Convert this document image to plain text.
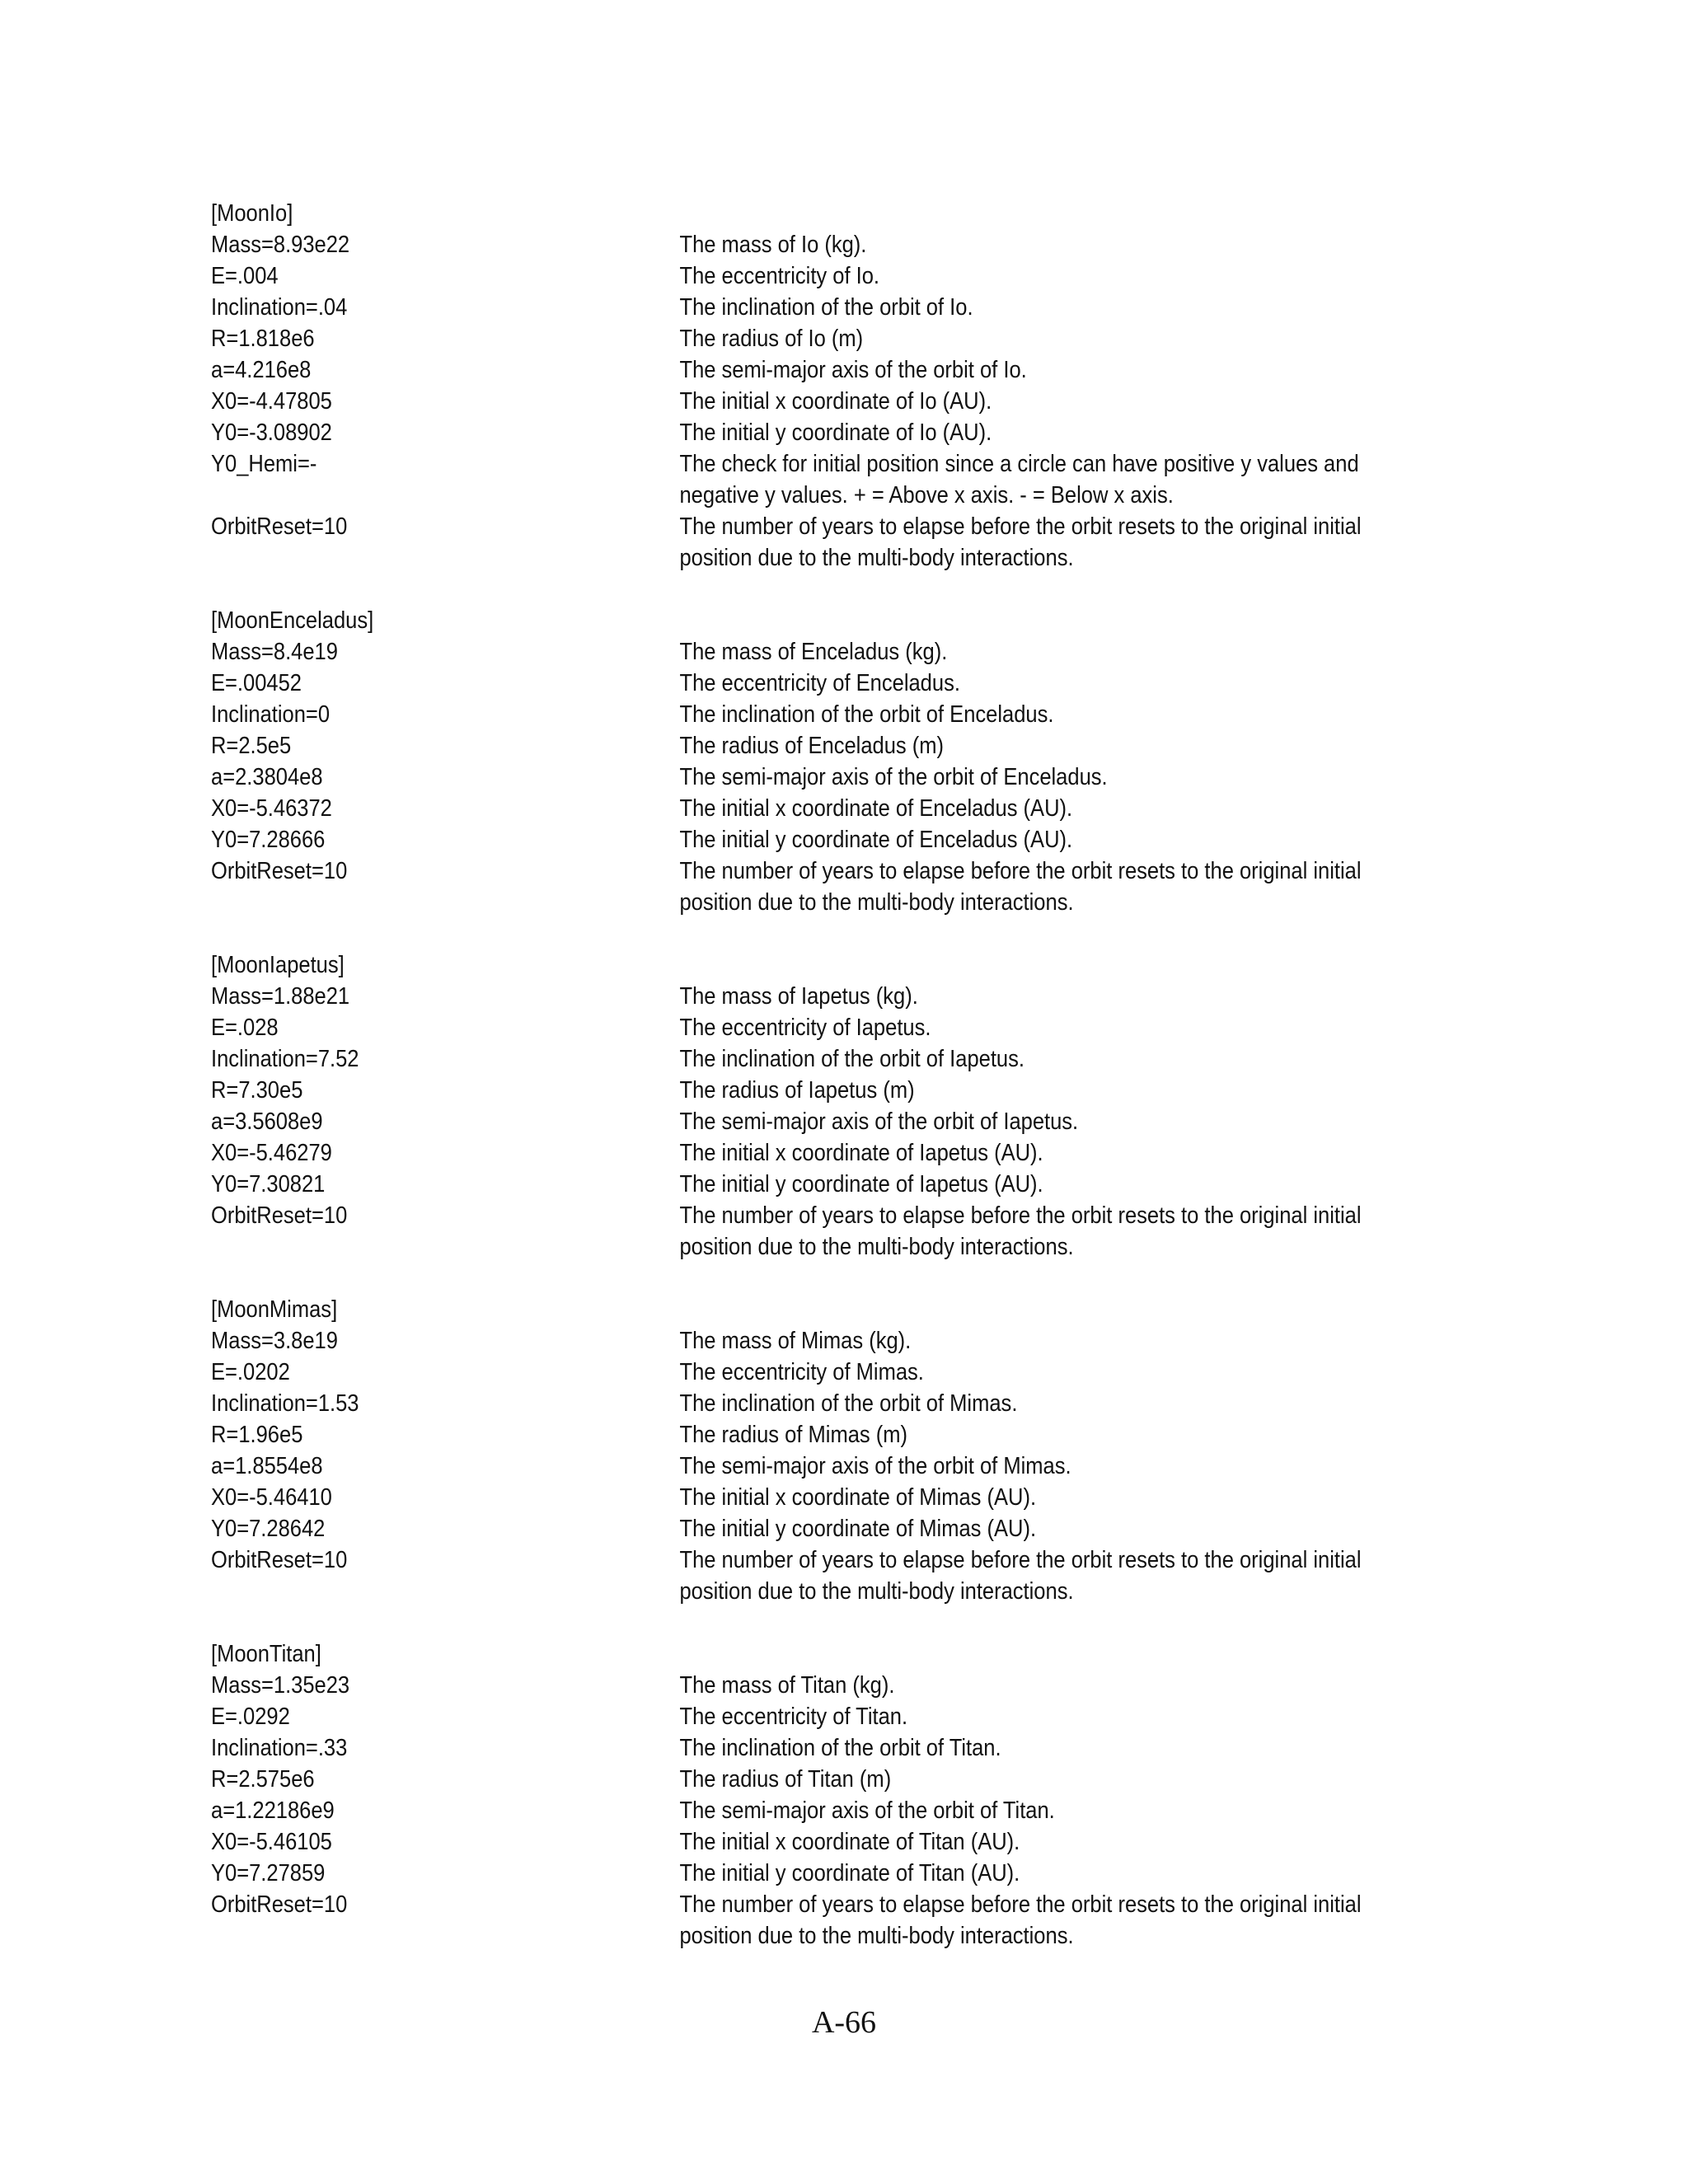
[MoonIo]
Mass=8.93e22	The mass of Io (kg).
E=.004	The eccentricity of Io.
Inclination=.04	The inclination of the orbit of Io.
R=1.818e6	The radius of Io (m)
a=4.216e8	The semi-major axis of the orbit of Io.
X0=-4.47805	The initial x coordinate of Io (AU).
Y0=-3.08902	The initial y coordinate of Io (AU).
Y0_Hemi=-	The check for initial position since a circle can have positive y values and negative y values. + = Above x axis. - = Below x axis.
OrbitReset=10	The number of years to elapse before the orbit resets to the original initial position due to the multi-body interactions.
[MoonEnceladus]
Mass=8.4e19	The mass of Enceladus (kg).
E=.00452	The eccentricity of Enceladus.
Inclination=0	The inclination of the orbit of Enceladus.
R=2.5e5	The radius of Enceladus (m)
a=2.3804e8	The semi-major axis of the orbit of Enceladus.
X0=-5.46372	The initial x coordinate of Enceladus (AU).
Y0=7.28666	The initial y coordinate of Enceladus (AU).
OrbitReset=10	The number of years to elapse before the orbit resets to the original initial position due to the multi-body interactions.
[MoonIapetus]
Mass=1.88e21	The mass of Iapetus (kg).
E=.028	The eccentricity of Iapetus.
Inclination=7.52	The inclination of the orbit of Iapetus.
R=7.30e5	The radius of Iapetus (m)
a=3.5608e9	The semi-major axis of the orbit of Iapetus.
X0=-5.46279	The initial x coordinate of Iapetus (AU).
Y0=7.30821	The initial y coordinate of Iapetus (AU).
OrbitReset=10	The number of years to elapse before the orbit resets to the original initial position due to the multi-body interactions.
[MoonMimas]
Mass=3.8e19	The mass of Mimas (kg).
E=.0202	The eccentricity of Mimas.
Inclination=1.53	The inclination of the orbit of Mimas.
R=1.96e5	The radius of Mimas (m)
a=1.8554e8	The semi-major axis of the orbit of Mimas.
X0=-5.46410	The initial x coordinate of Mimas (AU).
Y0=7.28642	The initial y coordinate of Mimas (AU).
OrbitReset=10	The number of years to elapse before the orbit resets to the original initial position due to the multi-body interactions.
[MoonTitan]
Mass=1.35e23	The mass of Titan (kg).
E=.0292	The eccentricity of Titan.
Inclination=.33	The inclination of the orbit of Titan.
R=2.575e6	The radius of Titan (m)
a=1.22186e9	The semi-major axis of the orbit of Titan.
X0=-5.46105	The initial x coordinate of Titan (AU).
Y0=7.27859	The initial y coordinate of Titan (AU).
OrbitReset=10	The number of years to elapse before the orbit resets to the original initial position due to the multi-body interactions.
A-66
